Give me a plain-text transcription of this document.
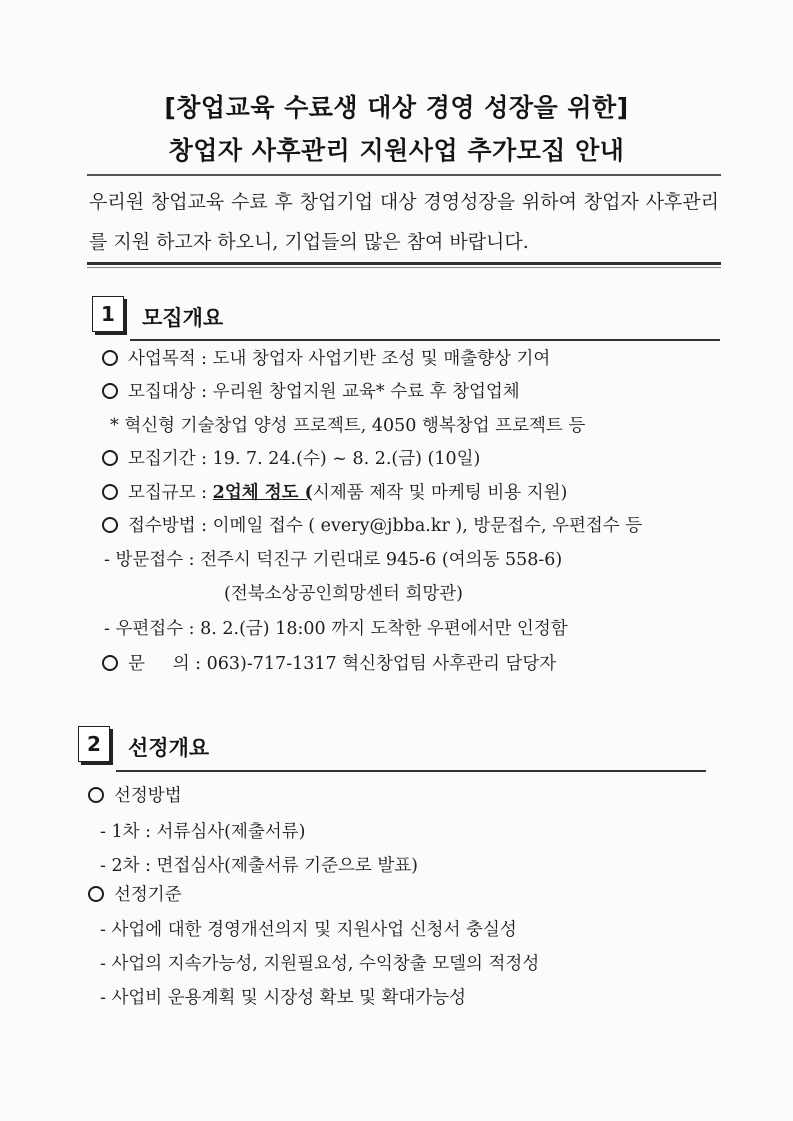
[창업교육 수료생 대상 경영 성장을 위한]
창업자 사후관리 지원사업 추가모집 안내
우리원 창업교육 수료 후 창업기업 대상 경영성장을 위하여 창업자 사후관리를 지원 하고자 하오니, 기업들의 많은 참여 바랍니다.
1	모집개요
사업목적 : 도내 창업자 사업기반 조성 및 매출향상 기여
모집대상 : 우리원 창업지원 교육* 수료 후 창업업체
* 혁신형 기술창업 양성 프로젝트, 4050 행복창업 프로젝트 등
모집기간 : 19. 7. 24.(수) ~ 8. 2.(금) (10일)
모집규모 : 2업체 정도 (시제품 제작 및 마케팅 비용 지원)
접수방법 : 이메일 접수 ( every@jbba.kr ), 방문접수, 우편접수 등
- 방문접수 : 전주시 덕진구 기린대로 945-6 (여의동 558-6)
(전북소상공인희망센터 희망관)
- 우편접수 : 8. 2.(금) 18:00 까지 도착한 우편에서만 인정함
문     의 : 063)-717-1317 혁신창업팀 사후관리 담당자
2	선정개요
선정방법
- 1차 : 서류심사(제출서류)
- 2차 : 면접심사(제출서류 기준으로 발표)
선정기준
- 사업에 대한 경영개선의지 및 지원사업 신청서 충실성
- 사업의 지속가능성, 지원필요성, 수익창출 모델의 적정성
- 사업비 운용계획 및 시장성 확보 및 확대가능성
